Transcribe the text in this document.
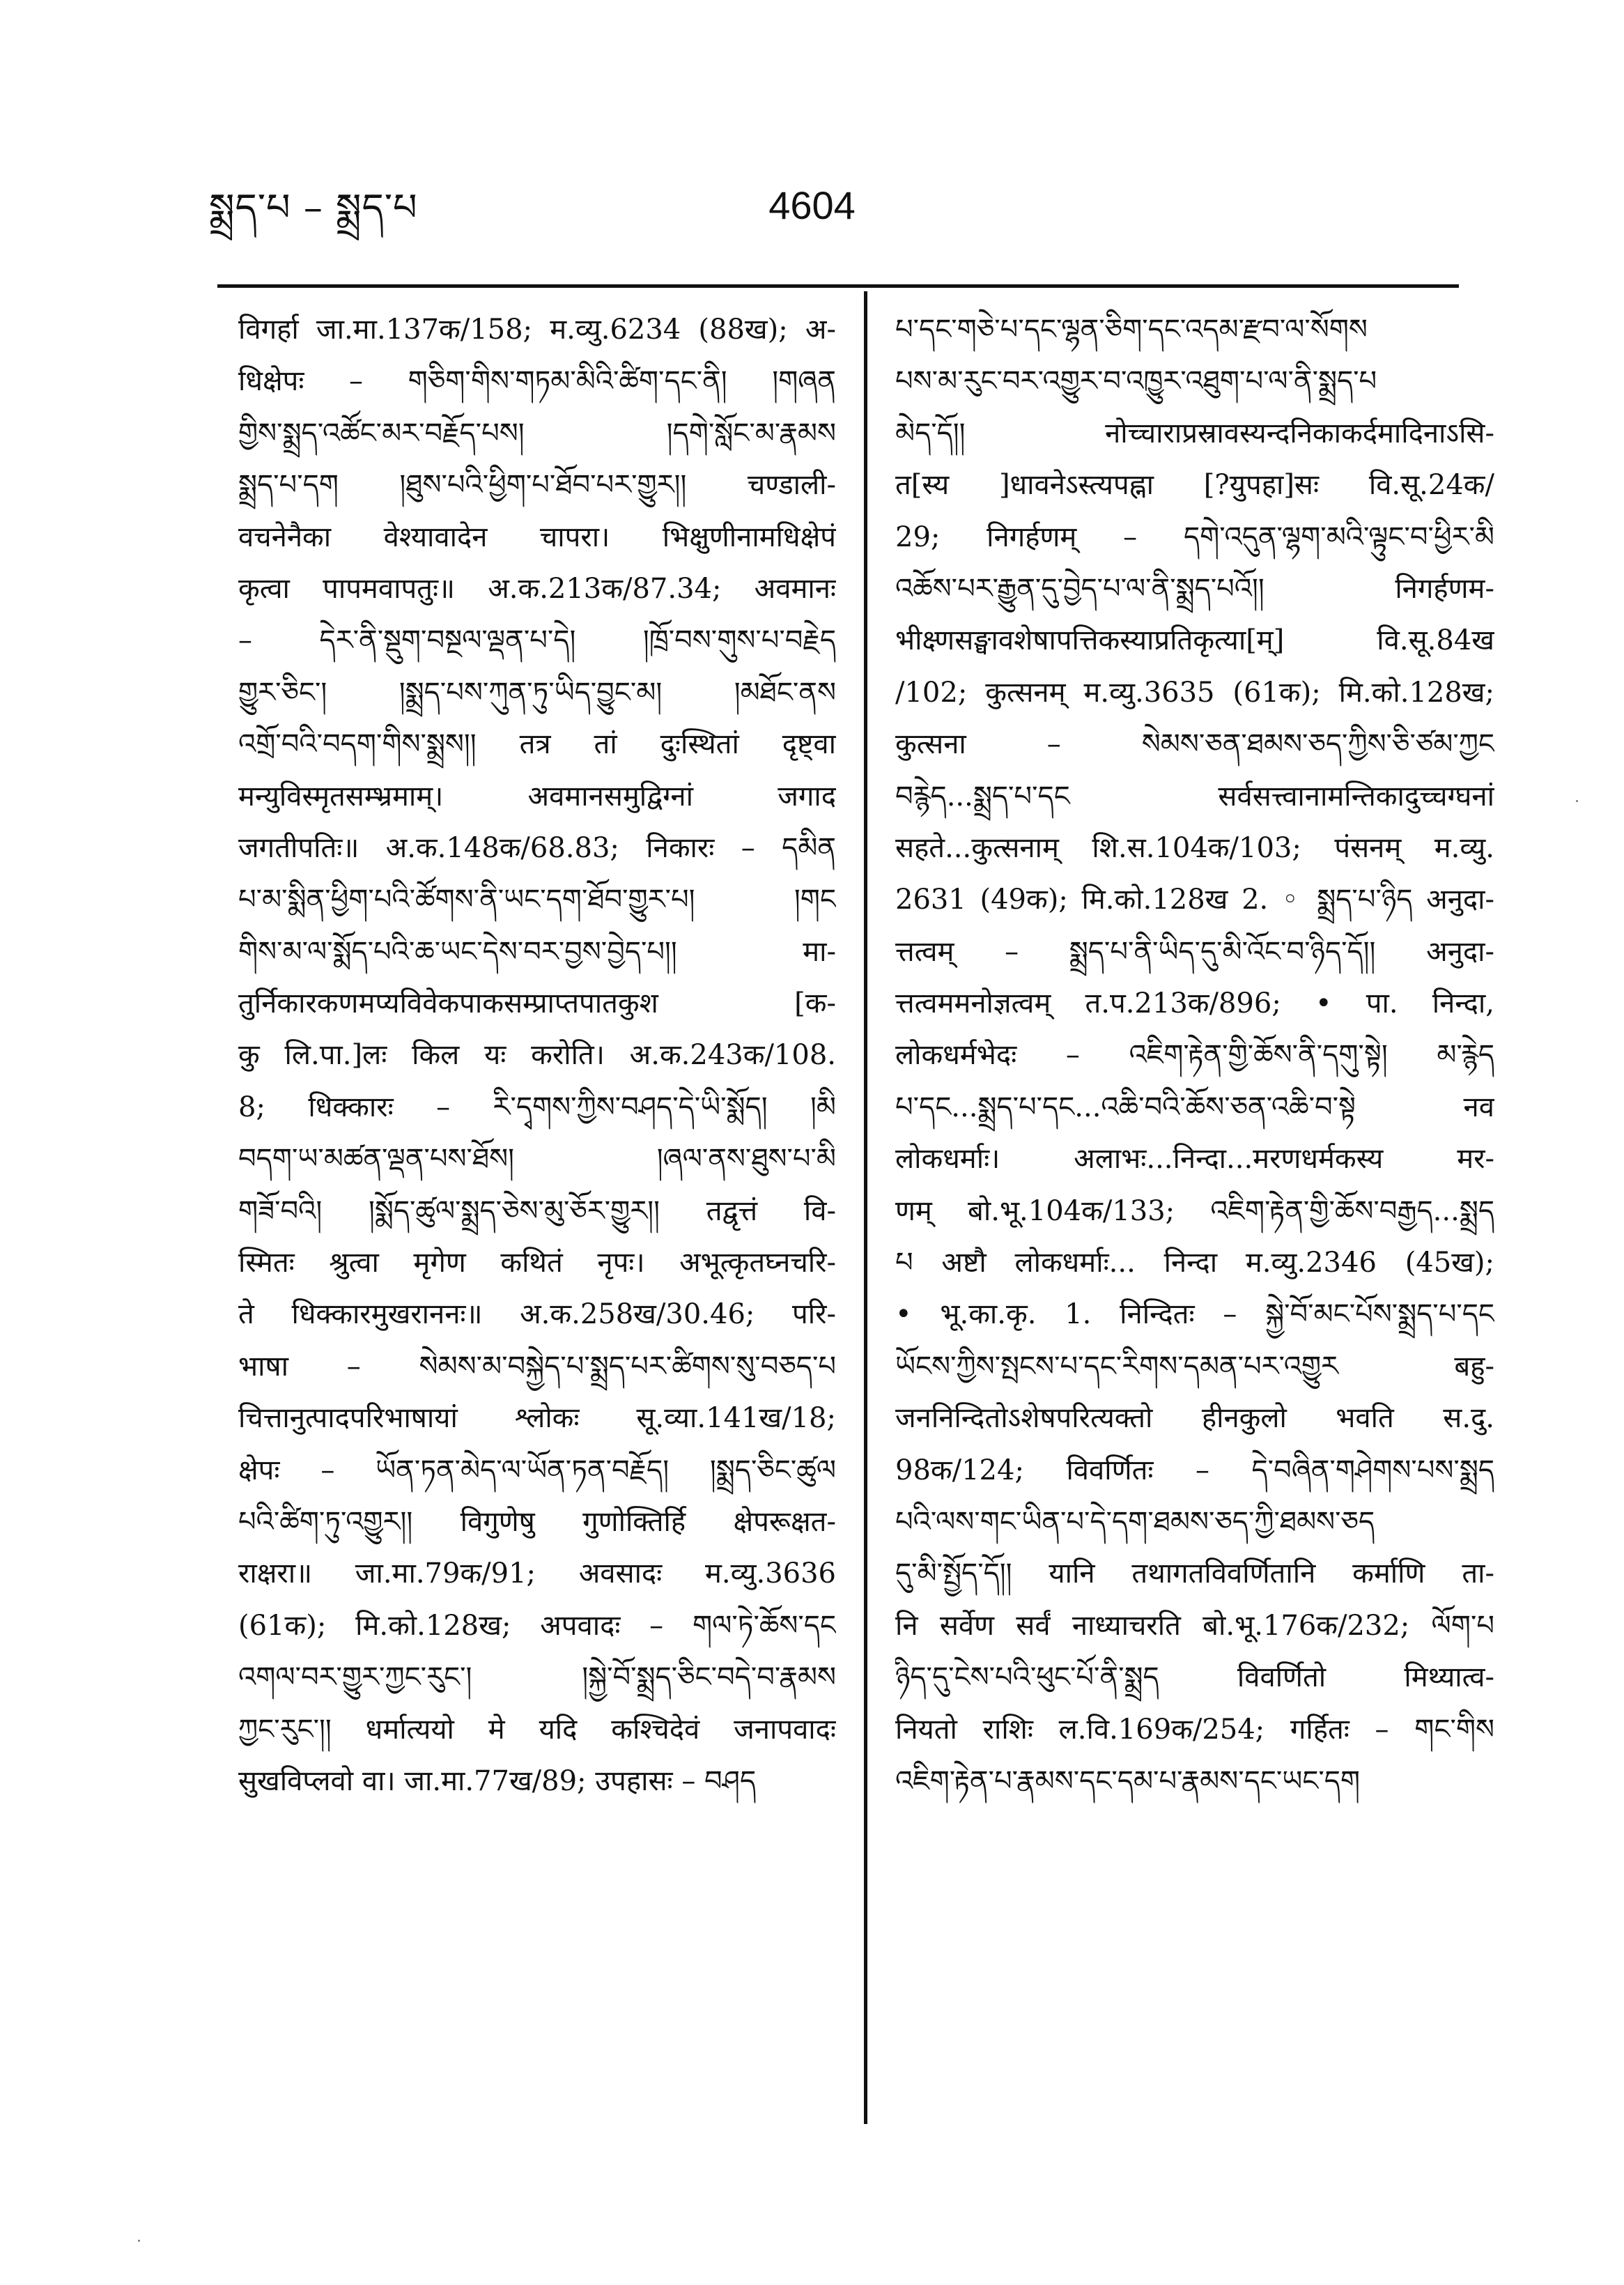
སྨྲད་པ – སྨྲད་པ	4604
विगर्हा जा.मा.137क/158; म.व्यु.6234 (88ख); अ-
धिक्षेपः – གཅིག་གིས་གཏམ་མིའི་ཚིག་དང་ནི། །གཞན
གྱིས་སྨྲད་འཚོང་མར་བརྗོད་པས། །དགེ་སློང་མ་རྣམས
སྨྲད་པ་དག །ཐུས་པའི་ཕྱིག་པ་ཐོབ་པར་གྱུར།། चण्डाली-
वचनेनैका वेश्यावादेन चापरा। भिक्षुणीनामधिक्षेपं
कृत्वा पापमवापतुः॥ अ.क.213क/87.34; अवमानः
– དེར་ནི་སྡུག་བསྔལ་ལྡན་པ་དེ། །ཁྲོ་བས་གུས་པ་བརྗེད
གྱུར་ཅིང་། །སྨྲད་པས་ཀུན་ཏུ་ཡིད་བྱུང་མ། །མཐོང་ནས
འགྲོ་བའི་བདག་གིས་སྨྲས།། तत्र तां दुःस्थितां दृष्ट्वा
मन्युविस्मृतसम्भ्रमाम्। अवमानसमुद्विग्नां जगाद
जगतीपतिः॥ अ.क.148क/68.83; निकारः – དམིན
པ་མ་སྨིན་ཕྱིག་པའི་ཚོགས་ནི་ཡང་དག་ཐོབ་གྱུར་པ། །གང
གིས་མ་ལ་སྨོད་པའི་ཆ་ཡང་དེས་བར་བྱས་བྱེད་པ།། मा-
तुर्निकारकणमप्यविवेकपाकसम्प्राप्तपातकुश [क-
कु लि.पा.]लः किल यः करोति। अ.क.243क/108.
8; धिक्कारः – རི་དྭགས་ཀྱིས་བཤད་དེ་ཡི་སྨོད། །མི
བདག་ཡ་མཚན་ལྡན་པས་ཐོས། །ཞལ་ནས་ཐུས་པ་མི
གཟོ་བའི། །སྨོད་ཚུལ་སྨྲད་ཅེས་མུ་ཅོར་གྱུར།། तद्वृत्तं वि-
स्मितः श्रुत्वा मृगेण कथितं नृपः। अभूत्कृतघ्नचरि-
ते धिक्कारमुखराननः॥ अ.क.258ख/30.46; परि-
भाषा – སེམས་མ་བསྐྱེད་པ་སྨྲད་པར་ཚིགས་སུ་བཅད་པ
चित्तानुत्पादपरिभाषायां श्लोकः सू.व्या.141ख/18;
क्षेपः – ཡོན་ཏན་མེད་ལ་ཡོན་ཏན་བརྗོད། །སྨྲད་ཅིང་ཚུལ
པའི་ཚིག་ཏུ་འགྱུར།། विगुणेषु गुणोक्तिर्हि क्षेपरूक्षत-
राक्षरा॥ जा.मा.79क/91; अवसादः म.व्यु.3636
(61क); मि.को.128ख; अपवादः – གལ་ཏེ་ཆོས་དང
འགལ་བར་གྱུར་ཀྱང་རུང་། །སྐྱེ་བོ་སྨྲད་ཅིང་བདེ་བ་རྣམས
ཀྱང་རུང་།། धर्मात्ययो मे यदि कश्चिदेवं जनापवादः
सुखविप्लवो वा। जा.मा.77ख/89; उपहासः – བཤད
པ་དང་གཅེ་པ་དང་ལྷན་ཅིག་དང་འདམ་རྫབ་ལ་སོགས
པས་མ་རུང་བར་འགྱུར་བ་འཁྱུར་འཐུག་པ་ལ་ནི་སྨྲད་པ
མེད་དོ།། नोच्चाराप्रस्रावस्यन्दनिकाकर्दमादिनाऽसि-
त[स्य ]धावनेऽस्त्यपह्ना [?युपहा]सः वि.सू.24क/
29; निगर्हणम् – དགེ་འདུན་ལྷག་མའི་ལྟུང་བ་ཕྱིར་མི
འཆོས་པར་རྒྱུན་དུ་བྱེད་པ་ལ་ནི་སྨྲད་པའོ།། निगर्हणम-
भीक्ष्णसङ्घावशेषापत्तिकस्याप्रतिकृत्या[म्] वि.सू.84ख
/102; कुत्सनम् म.व्यु.3635 (61क); मि.को.128ख;
कुत्सना – སེམས་ཅན་ཐམས་ཅད་ཀྱིས་ཅི་ཙམ་ཀྱང
བརྙེད...སྨྲད་པ་དང सर्वसत्त्वानामन्तिकादुच्चग्घनां
सहते...कुत्सनाम् शि.स.104क/103; पंसनम् म.व्यु.
2631 (49क); मि.को.128ख 2. ◦ སྨྲད་པ་ཉིད अनुदा-
त्तत्वम् – སྨྲད་པ་ནི་ཡིད་དུ་མི་འོང་བ་ཉིད་དོ།། अनुदा-
त्तत्वममनोज्ञत्वम् त.प.213क/896; • पा. निन्दा,
लोकधर्मभेदः – འཇིག་རྟེན་གྱི་ཆོས་ནི་དགུ་སྟེ། མ་རྙེད
པ་དང...སྨྲད་པ་དང...འཆི་བའི་ཆོས་ཅན་འཆི་བ་སྟེ नव
लोकधर्माः। अलाभः...निन्दा...मरणधर्मकस्य मर-
णम् बो.भू.104क/133; འཇིག་རྟེན་གྱི་ཆོས་བརྒྱད...སྨྲད
པ अष्टौ लोकधर्माः... निन्दा म.व्यु.2346 (45ख);
• भू.का.कृ. 1. निन्दितः – སྐྱེ་བོ་མང་པོས་སྨྲད་པ་དང
ཡོངས་ཀྱིས་སྤངས་པ་དང་རིགས་དམན་པར་འགྱུར बहु-
जननिन्दितोऽशेषपरित्यक्तो हीनकुलो भवति स.दु.
98क/124; विवर्णितः – དེ་བཞིན་གཤེགས་པས་སྨྲད
པའི་ལས་གང་ཡིན་པ་དེ་དག་ཐམས་ཅད་ཀྱི་ཐམས་ཅད
དུ་མི་སྤྱོད་དོ།། यानि तथागतविवर्णितानि कर्माणि ता-
नि सर्वेण सर्वं नाध्याचरति बो.भू.176क/232; ལོག་པ
ཉིད་དུ་ངེས་པའི་ཕུང་པོ་ནི་སྨྲད विवर्णितो मिथ्यात्व-
नियतो राशिः ल.वि.169क/254; गर्हितः – གང་གིས
འཇིག་རྟེན་པ་རྣམས་དང་དམ་པ་རྣམས་དང་ཡང་དག
